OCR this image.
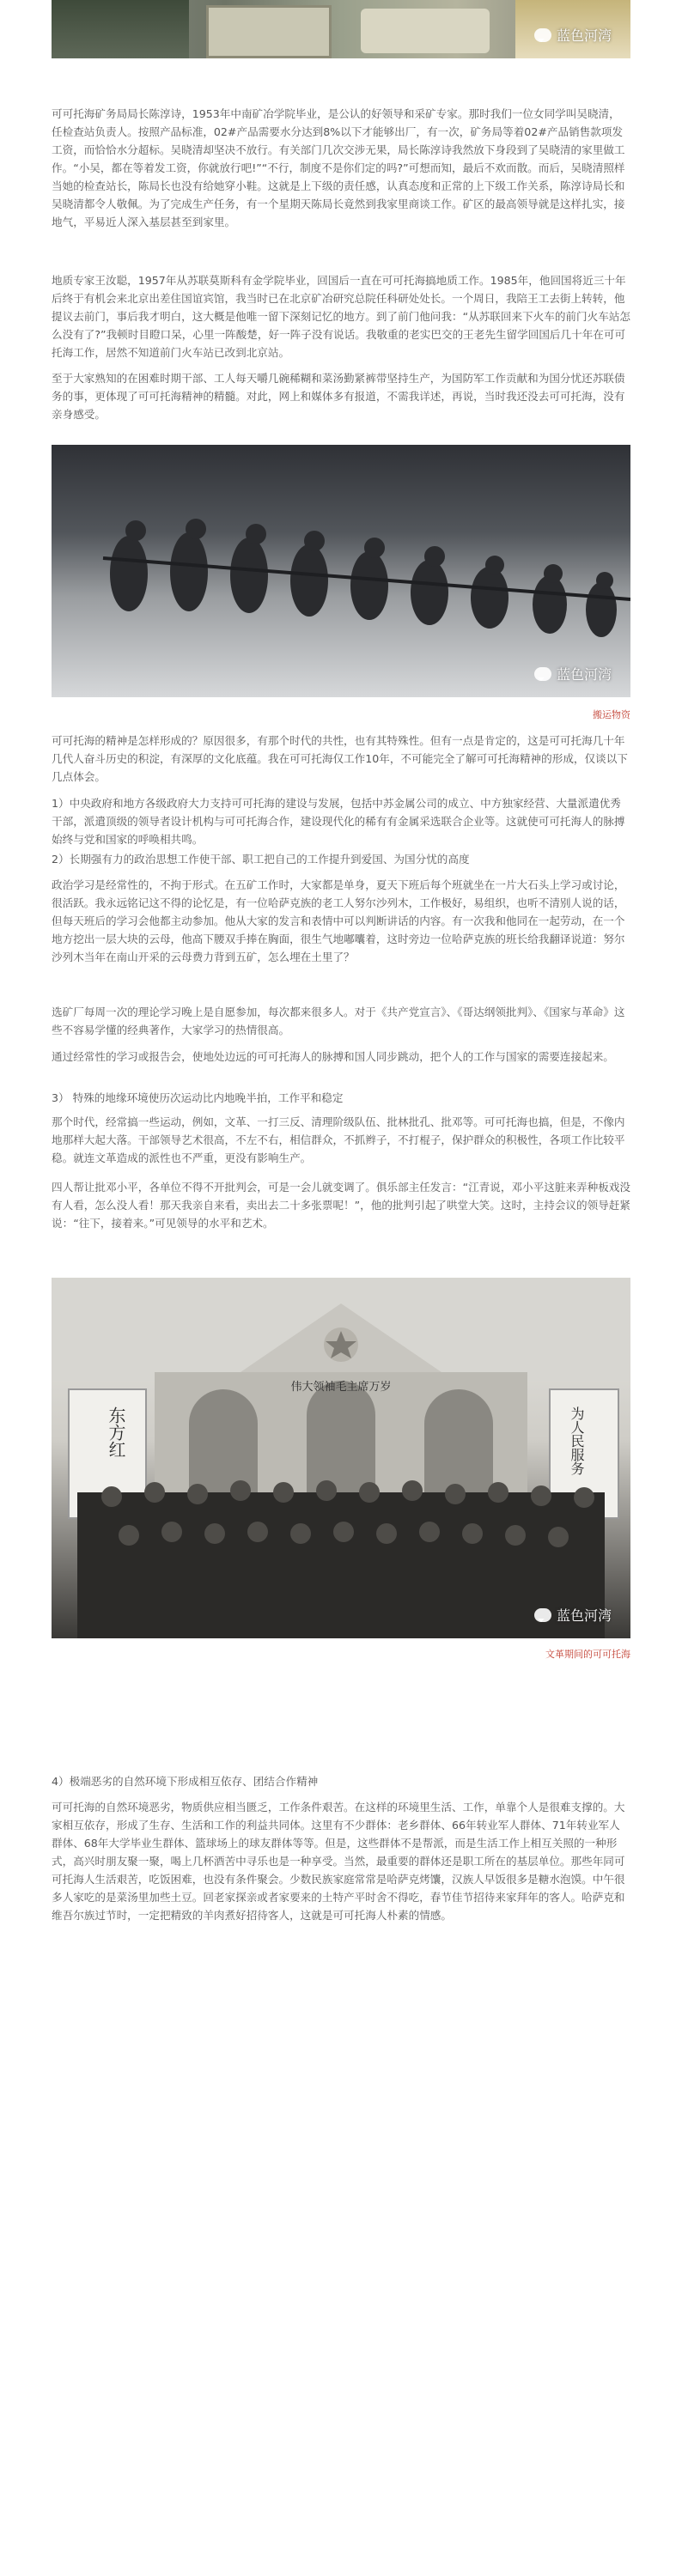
蓝色河湾

可可托海矿务局局长陈淳诗，1953年中南矿冶学院毕业，是公认的好领导和采矿专家。那时我们一位女同学叫吴晓清，任检查站负责人。按照产品标准，02#产品需要水分达到8%以下才能够出厂，有一次，矿务局等着02#产品销售款项发工资，而恰恰水分超标。吴晓清却坚决不放行。有关部门几次交涉无果，局长陈淳诗我然放下身段到了吴晓清的家里做工作。“小吴，都在等着发工资，你就放行吧!”“不行，制度不是你们定的吗?”可想而知，最后不欢而散。而后，吴晓清照样当她的检查站长，陈局长也没有给她穿小鞋。这就是上下级的责任感，认真态度和正常的上下级工作关系，陈淳诗局长和吴晓清都令人敬佩。为了完成生产任务，有一个星期天陈局长竟然到我家里商谈工作。矿区的最高领导就是这样扎实，接地气，平易近人深入基层甚至到家里。

地质专家王汝聪，1957年从苏联莫斯科有金学院毕业，回国后一直在可可托海搞地质工作。1985年，他回国将近三十年后终于有机会来北京出差住国谊宾馆，我当时已在北京矿冶研究总院任科研处处长。一个周日，我陪王工去街上转转，他提议去前门，事后我才明白，这大概是他唯一留下深刻记忆的地方。到了前门他问我：“从苏联回来下火车的前门火车站怎么没有了?”我顿时目瞪口呆，心里一阵酸楚，好一阵子没有说话。我敬重的老实巴交的王老先生留学回国后几十年在可可托海工作，居然不知道前门火车站已改到北京站。

至于大家熟知的在困难时期干部、工人每天嚼几碗稀糊和菜汤勤紧裤带坚持生产，为国防军工作贡献和为国分忧还苏联债务的事，更体现了可可托海精神的精髓。对此，网上和媒体多有报道，不需我详述，再说，当时我还没去可可托海，没有亲身感受。

蓝色河湾
搬运物资

可可托海的精神是怎样形成的？原因很多，有那个时代的共性，也有其特殊性。但有一点是肯定的，这是可可托海几十年几代人奋斗历史的积淀，有深厚的文化底蕴。我在可可托海仅工作10年，不可能完全了解可可托海精神的形成，仅谈以下几点体会。

1）中央政府和地方各级政府大力支持可可托海的建设与发展，包括中苏金属公司的成立、中方独家经营、大量派遣优秀干部，派遣顶级的领导者设计机构与可可托海合作，建设现代化的稀有有金属采选联合企业等。这就使可可托海人的脉搏始终与党和国家的呼唤相共鸣。

2）长期强有力的政治思想工作使干部、职工把自己的工作提升到爱国、为国分忧的高度

政治学习是经常性的，不拘于形式。在五矿工作时，大家都是单身，夏天下班后每个班就坐在一片大石头上学习或讨论，很活跃。我永远铭记这不得的论忆是，有一位哈萨克族的老工人努尔沙列木，工作极好，易组织，也听不清别人说的话，但每天班后的学习会他都主动参加。他从大家的发言和表情中可以判断讲话的内容。有一次我和他同在一起劳动，在一个地方挖出一层大块的云母，他高下腰双手捧在胸面，很生气地嘟囔着，这时旁边一位哈萨克族的班长给我翻译说道：努尔沙列木当年在南山开采的云母费力背到五矿，怎么埋在土里了？

选矿厂每周一次的理论学习晚上是自愿参加，每次都来很多人。对于《共产党宣言》、《哥达纲领批判》、《国家与革命》这些不容易学懂的经典著作，大家学习的热情很高。

通过经常性的学习或报告会，使地处边远的可可托海人的脉搏和国人同步跳动，把个人的工作与国家的需要连接起来。

3） 特殊的地缘环境使历次运动比内地晚半拍，工作平和稳定

那个时代，经常搞一些运动，例如，文革、一打三反、清理阶级队伍、批林批孔、批邓等。可可托海也搞，但是，不像内地那样大起大落。干部领导艺术很高，不左不右，相信群众，不抓辫子，不打棍子，保护群众的积极性，各项工作比较平稳。就连文革造成的派性也不严重，更没有影响生产。

四人帮让批邓小平，各单位不得不开批判会，可是一会儿就变调了。俱乐部主任发言：“江青说，邓小平这脏来弄种板戏没有人看，怎么没人看！那天我亲自来看，卖出去二十多张票呢！”，他的批判引起了哄堂大笑。这时，主持会议的领导赶紧说：“往下，接着来。”可见领导的水平和艺术。

东方红
伟大领袖毛主席万岁
为人民服务
蓝色河湾
文革期间的可可托海

4）极端恶劣的自然环境下形成相互依存、团结合作精神

可可托海的自然环境恶劣，物质供应相当匮乏，工作条件艰苦。在这样的环境里生活、工作，单靠个人是很难支撑的。大家相互依存，形成了生存、生活和工作的利益共同体。这里有不少群体：老乡群体、66年转业军人群体、71年转业军人群体、68年大学毕业生群体、篮球场上的球友群体等等。但是，这些群体不是帮派，而是生活工作上相互关照的一种形式，高兴时朋友聚一聚，喝上几杯酒苦中寻乐也是一种享受。当然，最重要的群体还是职工所在的基层单位。那些年同可可托海人生活艰苦，吃饭困难，也没有条件聚会。少数民族家庭常常是哈萨克烤馕，汉族人早饭很多是糖水泡馍。中午很多人家吃的是菜汤里加些土豆。回老家探亲或者家要来的土特产平时舍不得吃，春节佳节招待来家拜年的客人。哈萨克和维吾尔族过节时，一定把精致的羊肉煮好招待客人，这就是可可托海人朴素的情感。
